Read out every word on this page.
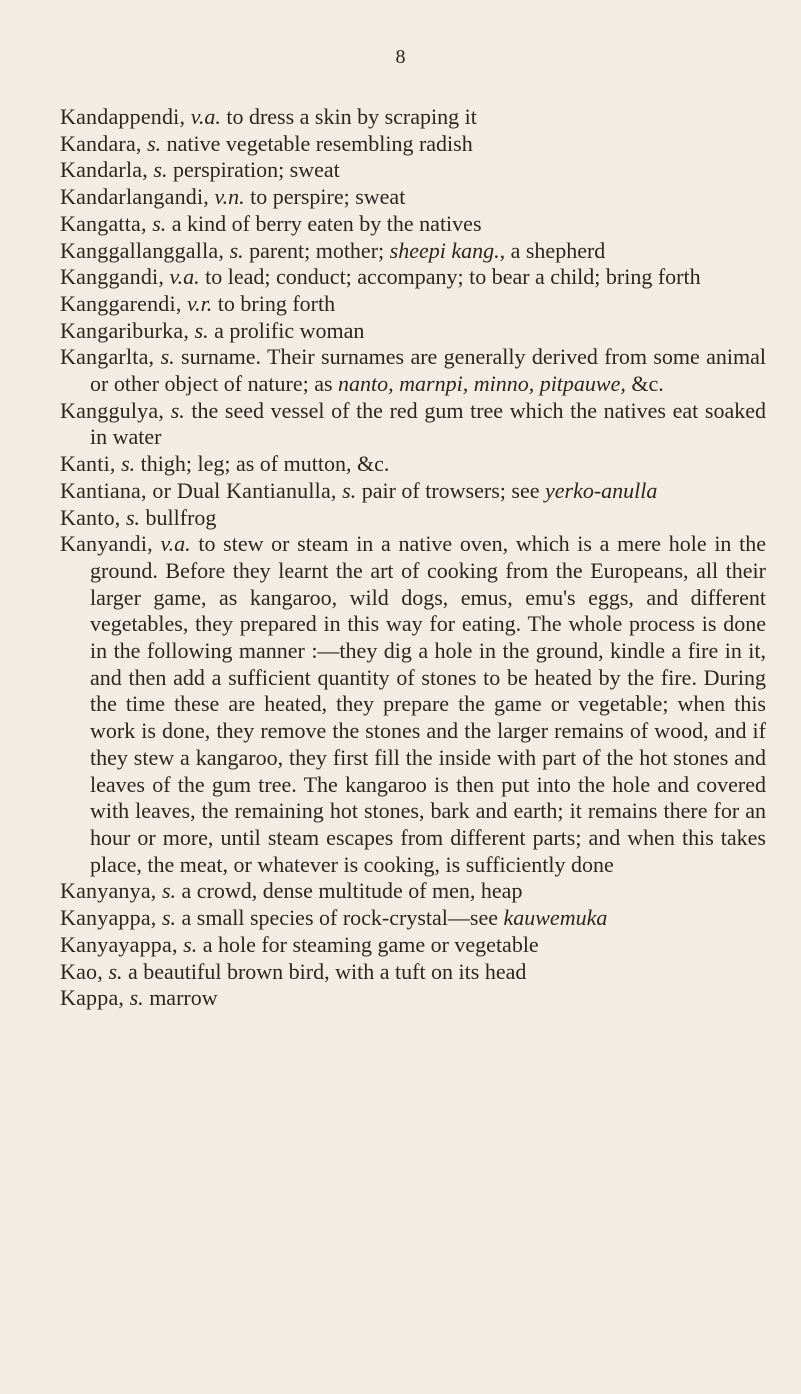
8

Kandappendi, v.a. to dress a skin by scraping it

Kandara, s. native vegetable resembling radish

Kandarla, s. perspiration; sweat

Kandarlangandi, v.n. to perspire; sweat

Kangatta, s. a kind of berry eaten by the natives

Kanggallanggalla, s. parent; mother; sheepi kang., a shepherd

Kanggandi, v.a. to lead; conduct; accompany; to bear a child; bring forth

Kanggarendi, v.r. to bring forth

Kangariburka, s. a prolific woman

Kangarlta, s. surname. Their surnames are generally derived from some animal or other object of nature; as nanto, marnpi, minno, pitpauwe, &c.

Kanggulya, s. the seed vessel of the red gum tree which the natives eat soaked in water

Kanti, s. thigh; leg; as of mutton, &c.

Kantiana, or Dual Kantianulla, s. pair of trowsers; see yerko-anulla

Kanto, s. bullfrog

Kanyandi, v.a. to stew or steam in a native oven, which is a mere hole in the ground. Before they learnt the art of cooking from the Europeans, all their larger game, as kangaroo, wild dogs, emus, emu's eggs, and different vegetables, they prepared in this way for eating. The whole process is done in the following manner :—they dig a hole in the ground, kindle a fire in it, and then add a sufficient quantity of stones to be heated by the fire. During the time these are heated, they prepare the game or vegetable; when this work is done, they remove the stones and the larger remains of wood, and if they stew a kangaroo, they first fill the inside with part of the hot stones and leaves of the gum tree. The kangaroo is then put into the hole and covered with leaves, the remaining hot stones, bark and earth; it remains there for an hour or more, until steam escapes from different parts; and when this takes place, the meat, or whatever is cooking, is sufficiently done

Kanyanya, s. a crowd, dense multitude of men, heap

Kanyappa, s. a small species of rock-crystal—see kauwemuka

Kanyayappa, s. a hole for steaming game or vegetable

Kao, s. a beautiful brown bird, with a tuft on its head

Kappa, s. marrow
